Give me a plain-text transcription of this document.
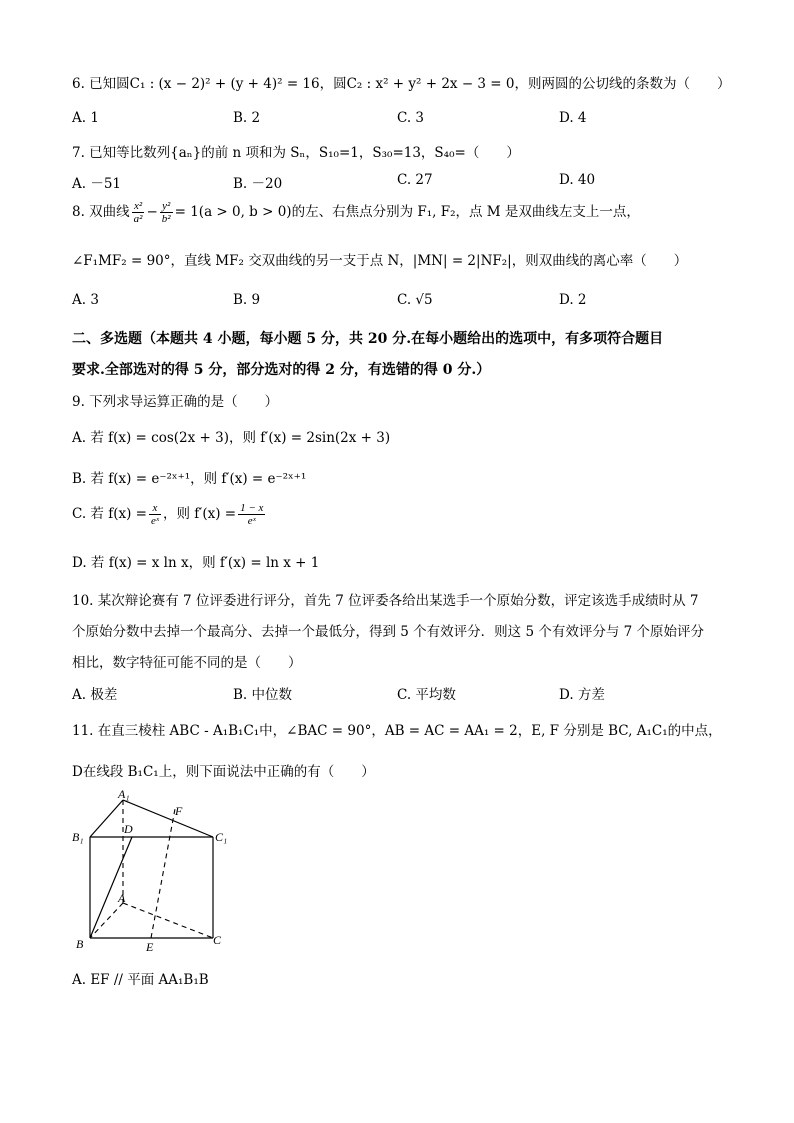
6. 已知圆C₁ : (x − 2)² + (y + 4)² = 16，圆C₂ : x² + y² + 2x − 3 = 0，则两圆的公切线的条数为（　　）
A. 1	B. 2	C. 3	D. 4
7. 已知等比数列{aₙ}的前 n 项和为 Sₙ，S₁₀=1，S₃₀=13，S₄₀=（　　）
A. －51	B. －20	C. 27	D. 40
8. 双曲线 $\frac{\text{x²}}{\text{a²}} - \frac{\text{y²}}{\text{b²}} = 1(a > 0$, b > 0)的左、右焦点分别为 F₁, F₂，点 M 是双曲线左支上一点，
∠F₁MF₂ = 90°，直线 MF₂ 交双曲线的另一支于点 N，|MN| = 2|NF₂|，则双曲线的离心率（　　）
A. 3	B. 9	C. √5	D. 2
二、多选题（本题共 4 小题，每小题 5 分，共 20 分.在每小题给出的选项中，有多项符合题目
要求.全部选对的得 5 分，部分选对的得 2 分，有选错的得 0 分.）
9. 下列求导运算正确的是（　　）
A. 若 f(x) = cos(2x + 3)，则 f′(x) = 2sin(2x + 3)
B. 若 f(x) = e⁻²ˣ⁺¹，则 f′(x) = e⁻²ˣ⁺¹
C. 若 $f(x) = \frac{x}{\text{eˣ}}$ ，则 $f'(x) = \frac{1 - x}{\text{eˣ}}$
D. 若 f(x) = x ln x，则 f′(x) = ln x + 1
10. 某次辩论赛有 7 位评委进行评分，首先 7 位评委各给出某选手一个原始分数，评定该选手成绩时从 7
个原始分数中去掉一个最高分、去掉一个最低分，得到 5 个有效评分．则这 5 个有效评分与 7 个原始评分
相比，数字特征可能不同的是（　　）
A. 极差	B. 中位数	C. 平均数	D. 方差
11. 在直三棱柱 ABC - A₁B₁C₁中，∠BAC = 90°，AB = AC = AA₁ = 2，E, F 分别是 BC, A₁C₁的中点，
D在线段 B₁C₁上，则下面说法中正确的有（　　）
A₁
F
D
B₁	C₁
A
B	C
E
A. EF // 平面 AA₁B₁B
